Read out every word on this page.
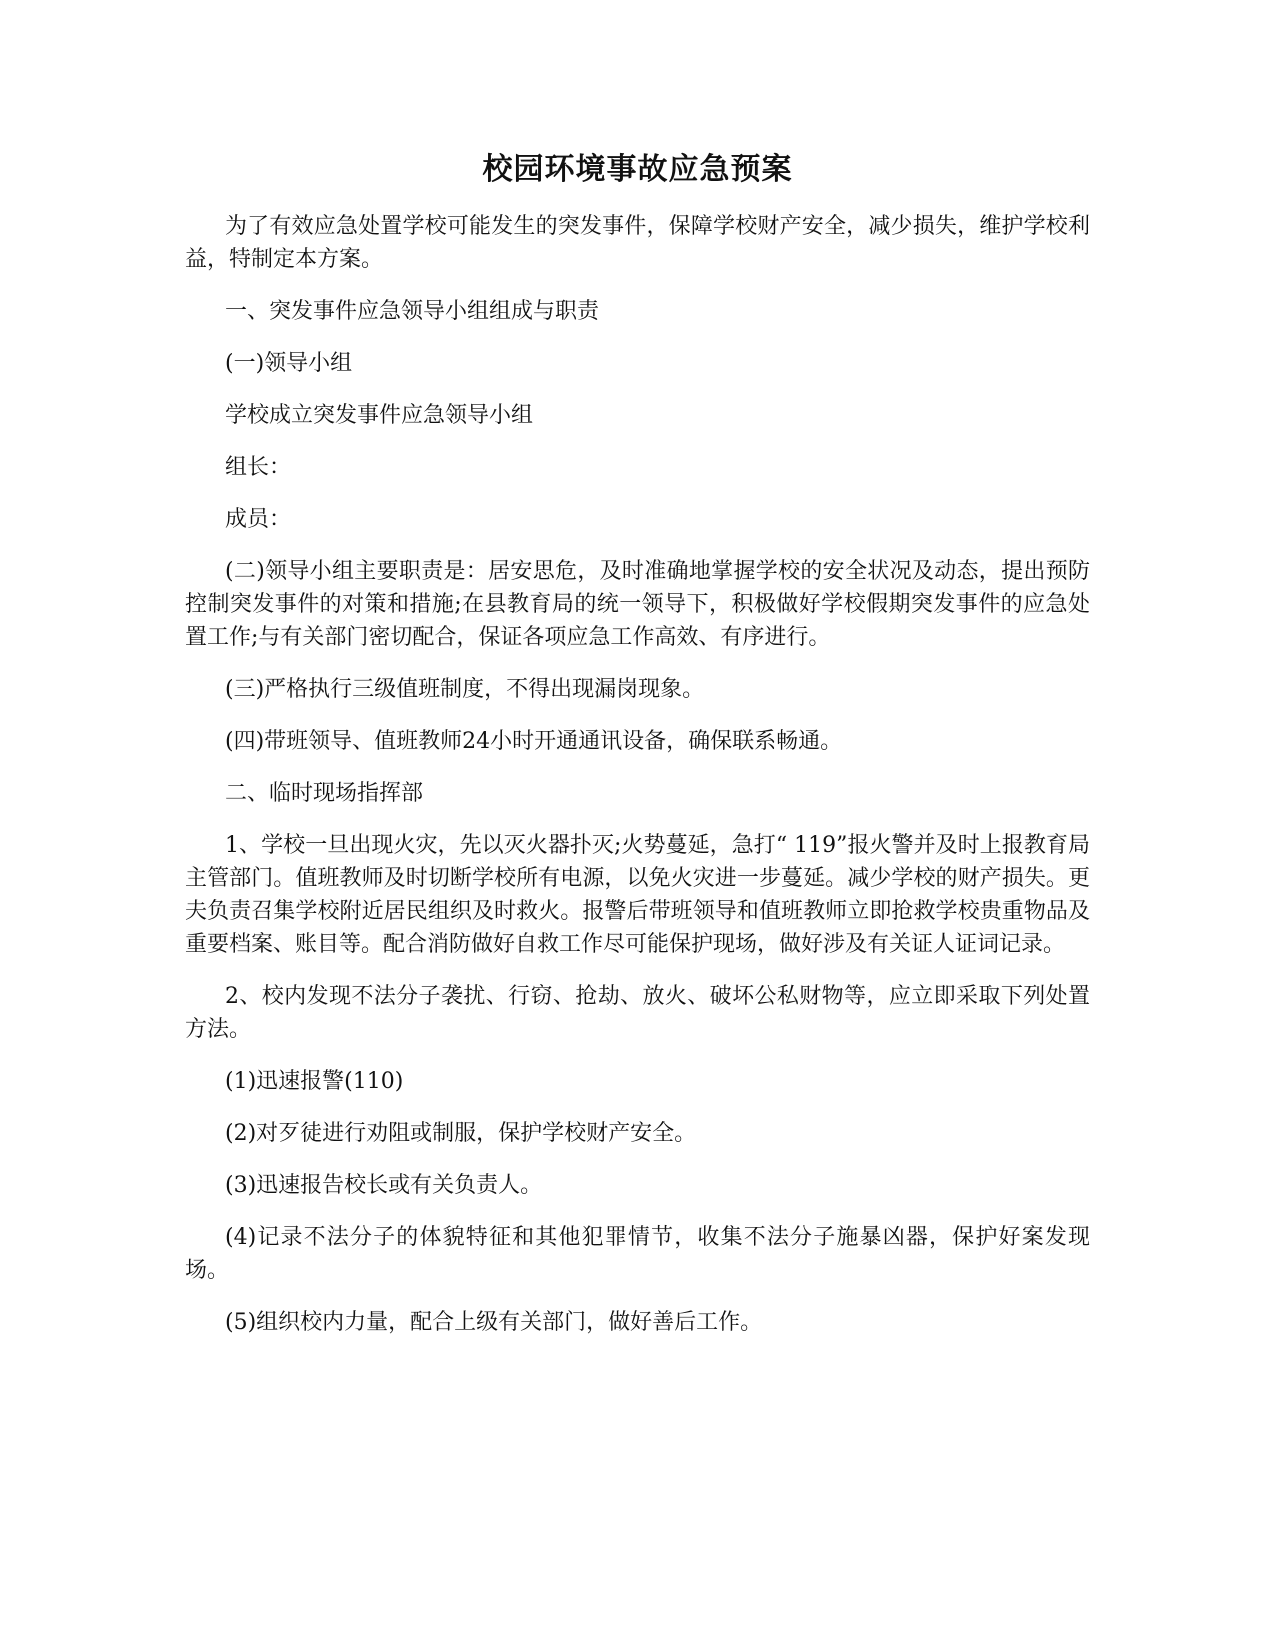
校园环境事故应急预案

为了有效应急处置学校可能发生的突发事件，保障学校财产安全，减少损失，维护学校利益，特制定本方案。

一、突发事件应急领导小组组成与职责

(一)领导小组

学校成立突发事件应急领导小组

组长：

成员：

(二)领导小组主要职责是：居安思危，及时准确地掌握学校的安全状况及动态，提出预防控制突发事件的对策和措施;在县教育局的统一领导下，积极做好学校假期突发事件的应急处置工作;与有关部门密切配合，保证各项应急工作高效、有序进行。

(三)严格执行三级值班制度，不得出现漏岗现象。

(四)带班领导、值班教师24小时开通通讯设备，确保联系畅通。

二、临时现场指挥部

1、学校一旦出现火灾，先以灭火器扑灭;火势蔓延，急打“ 119”报火警并及时上报教育局主管部门。值班教师及时切断学校所有电源，以免火灾进一步蔓延。减少学校的财产损失。更夫负责召集学校附近居民组织及时救火。报警后带班领导和值班教师立即抢救学校贵重物品及重要档案、账目等。配合消防做好自救工作尽可能保护现场，做好涉及有关证人证词记录。

2、校内发现不法分子袭扰、行窃、抢劫、放火、破坏公私财物等，应立即采取下列处置方法。

(1)迅速报警(110)

(2)对歹徒进行劝阻或制服，保护学校财产安全。

(3)迅速报告校长或有关负责人。

(4)记录不法分子的体貌特征和其他犯罪情节，收集不法分子施暴凶器，保护好案发现场。

(5)组织校内力量，配合上级有关部门，做好善后工作。
